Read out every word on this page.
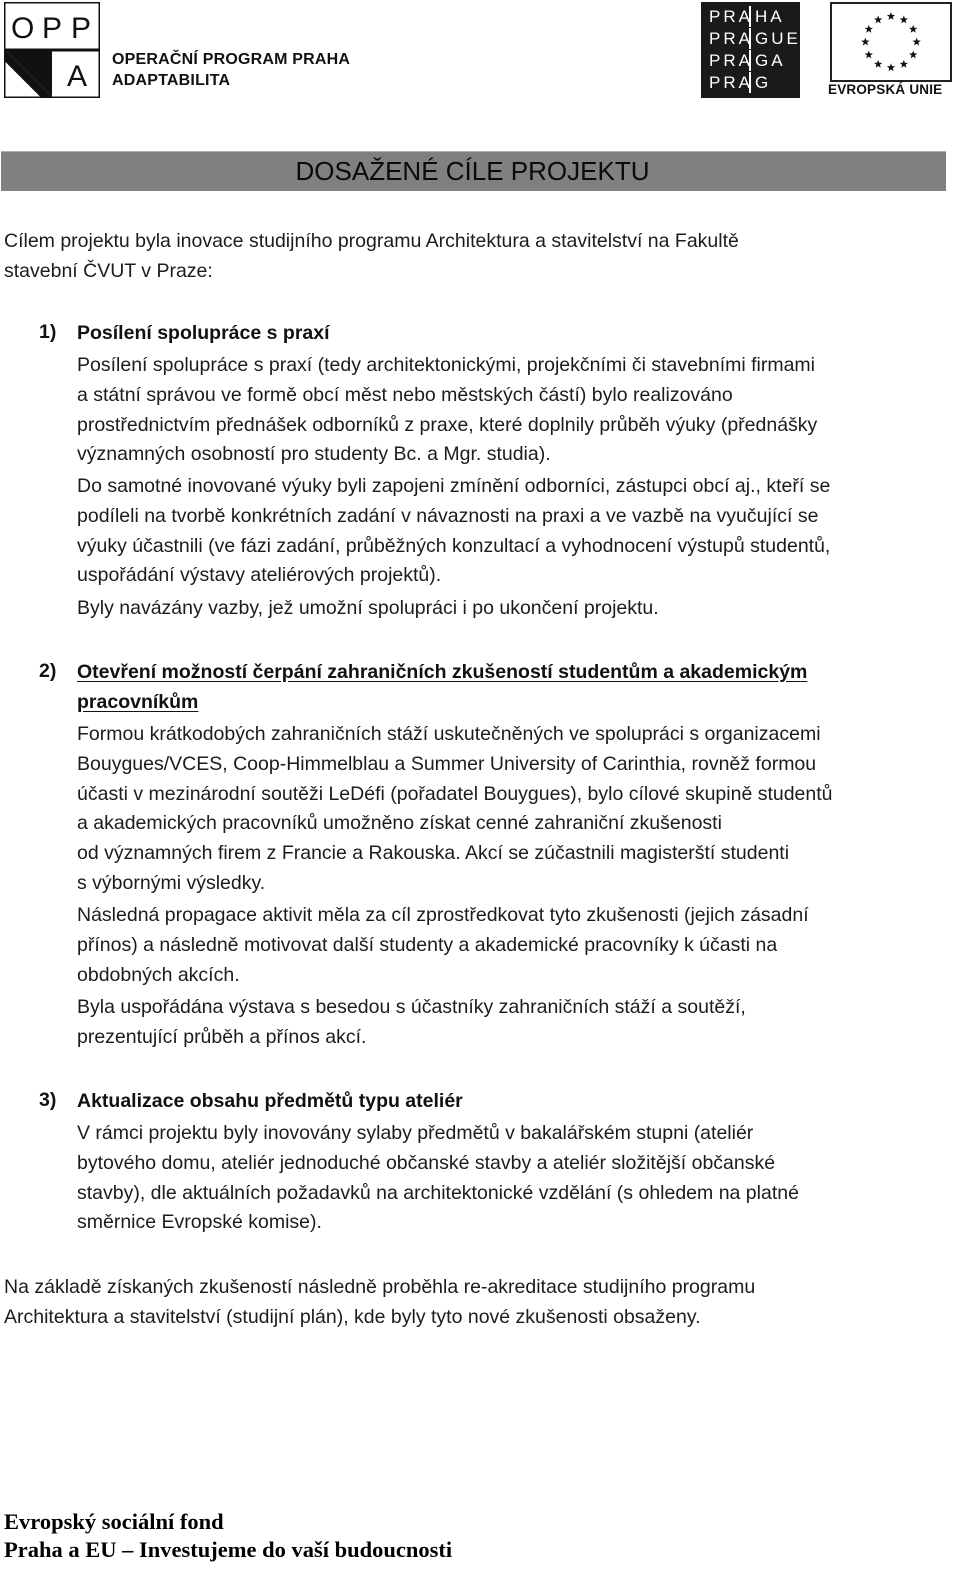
O P P
A
OPERAČNÍ PROGRAM PRAHA
ADAPTABILITA
PRA HA
PRA GUE
PRA GA
PRA G	EVROPSKÁ UNIE
DOSAŽENÉ CÍLE PROJEKTU
Cílem projektu byla inovace studijního programu Architektura a stavitelství na Fakultě
stavební ČVUT v Praze:
1) Posílení spolupráce s praxí
Posílení spolupráce s praxí (tedy architektonickými, projekčními či stavebními firmami
a státní správou ve formě obcí měst nebo městských částí) bylo realizováno
prostřednictvím přednášek odborníků z praxe, které doplnily průběh výuky (přednášky
významných osobností pro studenty Bc. a Mgr. studia).
Do samotné inovované výuky byli zapojeni zmínění odborníci, zástupci obcí aj., kteří se
podíleli na tvorbě konkrétních zadání v návaznosti na praxi a ve vazbě na vyučující se
výuky účastnili (ve fázi zadání, průběžných konzultací a vyhodnocení výstupů studentů,
uspořádání výstavy ateliérových projektů).
Byly navázány vazby, jež umožní spolupráci i po ukončení projektu.
2) Otevření možností čerpání zahraničních zkušeností studentům a akademickým
pracovníkům
Formou krátkodobých zahraničních stáží uskutečněných ve spolupráci s organizacemi
Bouygues/VCES, Coop-Himmelblau a Summer University of Carinthia, rovněž formou
účasti v mezinárodní soutěži LeDéfi (pořadatel Bouygues), bylo cílové skupině studentů
a akademických pracovníků umožněno získat cenné zahraniční zkušenosti
od významných firem z Francie a Rakouska. Akcí se zúčastnili magisterští studenti
s výbornými výsledky.
Následná propagace aktivit měla za cíl zprostředkovat tyto zkušenosti (jejich zásadní
přínos) a následně motivovat další studenty a akademické pracovníky k účasti na
obdobných akcích.
Byla uspořádána výstava s besedou s účastníky zahraničních stáží a soutěží,
prezentující průběh a přínos akcí.
3) Aktualizace obsahu předmětů typu ateliér
V rámci projektu byly inovovány sylaby předmětů v bakalářském stupni (ateliér
bytového domu, ateliér jednoduché občanské stavby a ateliér složitější občanské
stavby), dle aktuálních požadavků na architektonické vzdělání (s ohledem na platné
směrnice Evropské komise).
Na základě získaných zkušeností následně proběhla re-akreditace studijního programu
Architektura a stavitelství (studijní plán), kde byly tyto nové zkušenosti obsaženy.
Evropský sociální fond
Praha a EU – Investujeme do vaší budoucnosti
